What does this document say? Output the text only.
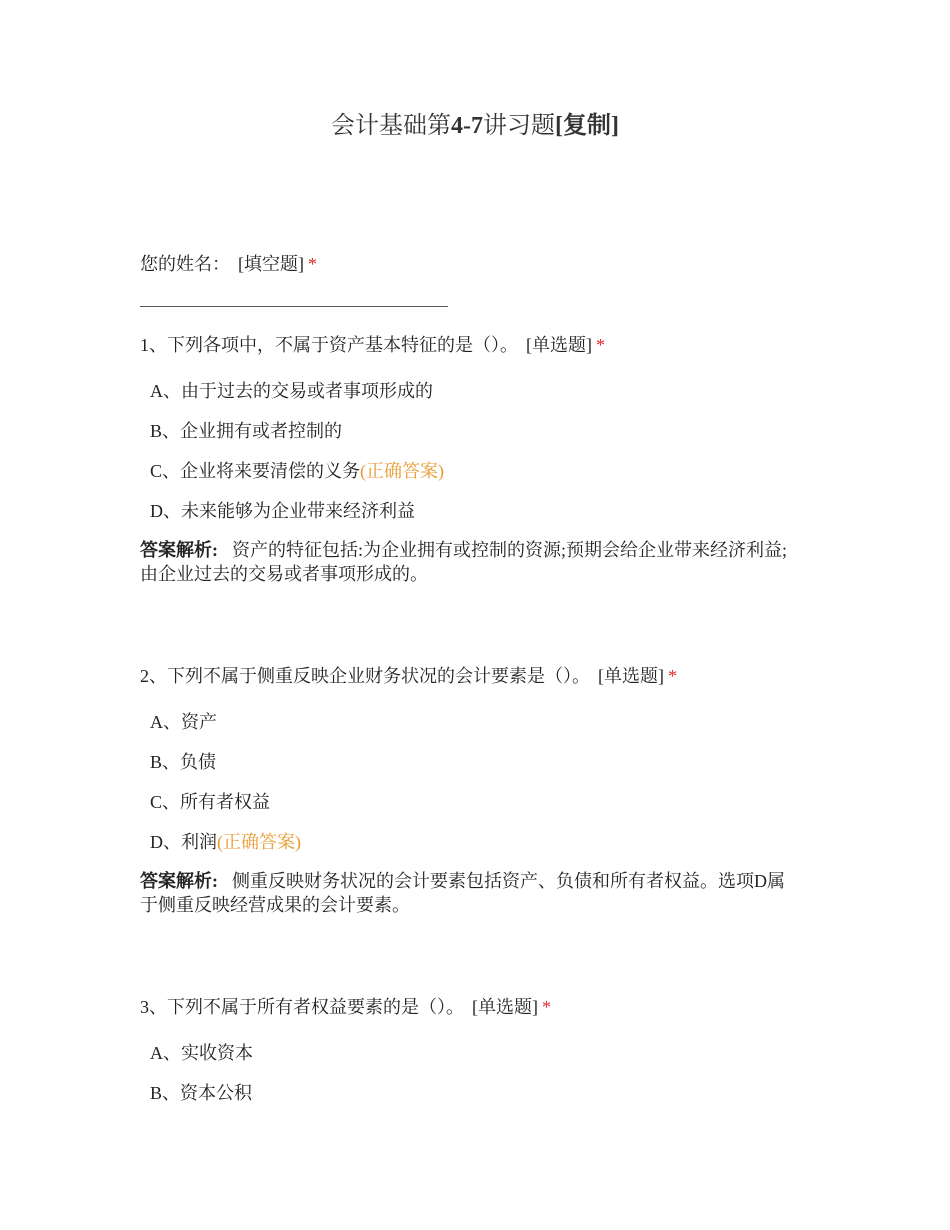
会计基础第4-7讲习题[复制]
您的姓名： [填空题] *
1、下列各项中，不属于资产基本特征的是（）。 [单选题] *
A、由于过去的交易或者事项形成的
B、企业拥有或者控制的
C、企业将来要清偿的义务(正确答案)
D、未来能够为企业带来经济利益
答案解析: 资产的特征包括:为企业拥有或控制的资源;预期会给企业带来经济利益;由企业过去的交易或者事项形成的。
2、下列不属于侧重反映企业财务状况的会计要素是（）。 [单选题] *
A、资产
B、负债
C、所有者权益
D、利润(正确答案)
答案解析: 侧重反映财务状况的会计要素包括资产、负债和所有者权益。选项D属于侧重反映经营成果的会计要素。
3、下列不属于所有者权益要素的是（）。 [单选题] *
A、实收资本
B、资本公积
